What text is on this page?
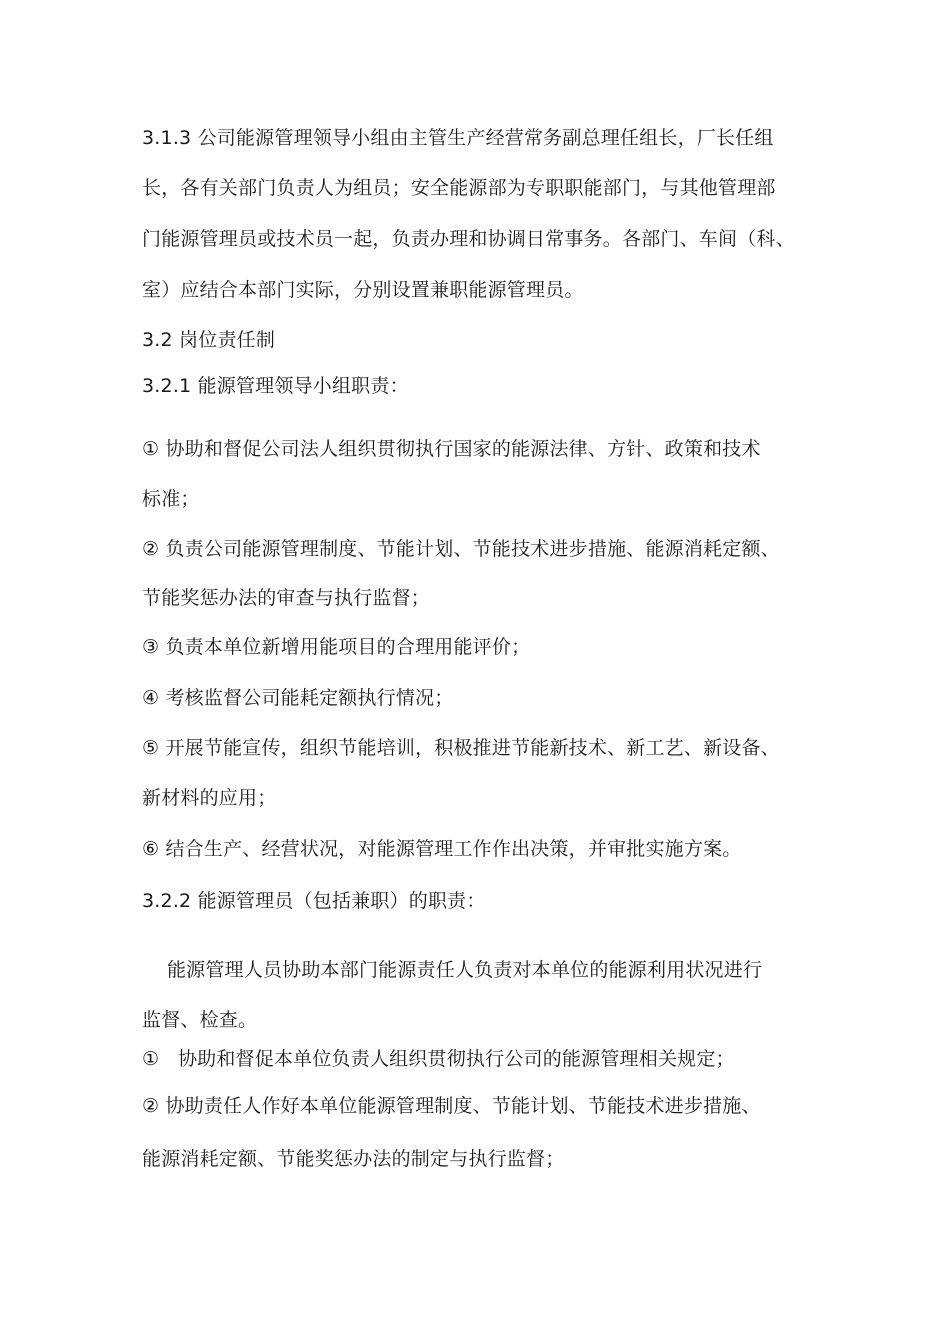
3.1.3 公司能源管理领导小组由主管生产经营常务副总理任组长，厂长任组
长，各有关部门负责人为组员；安全能源部为专职职能部门，与其他管理部
门能源管理员或技术员一起，负责办理和协调日常事务。各部门、车间（科、
室）应结合本部门实际，分别设置兼职能源管理员。
3.2 岗位责任制
3.2.1 能源管理领导小组职责：
① 协助和督促公司法人组织贯彻执行国家的能源法律、方针、政策和技术
标准；
② 负责公司能源管理制度、节能计划、节能技术进步措施、能源消耗定额、
节能奖惩办法的审查与执行监督；
③ 负责本单位新增用能项目的合理用能评价；
④ 考核监督公司能耗定额执行情况；
⑤ 开展节能宣传，组织节能培训，积极推进节能新技术、新工艺、新设备、
新材料的应用；
⑥ 结合生产、经营状况，对能源管理工作作出决策，并审批实施方案。
3.2.2 能源管理员（包括兼职）的职责：
能源管理人员协助本部门能源责任人负责对本单位的能源利用状况进行
监督、检查。
①   协助和督促本单位负责人组织贯彻执行公司的能源管理相关规定；
② 协助责任人作好本单位能源管理制度、节能计划、节能技术进步措施、
能源消耗定额、节能奖惩办法的制定与执行监督；
